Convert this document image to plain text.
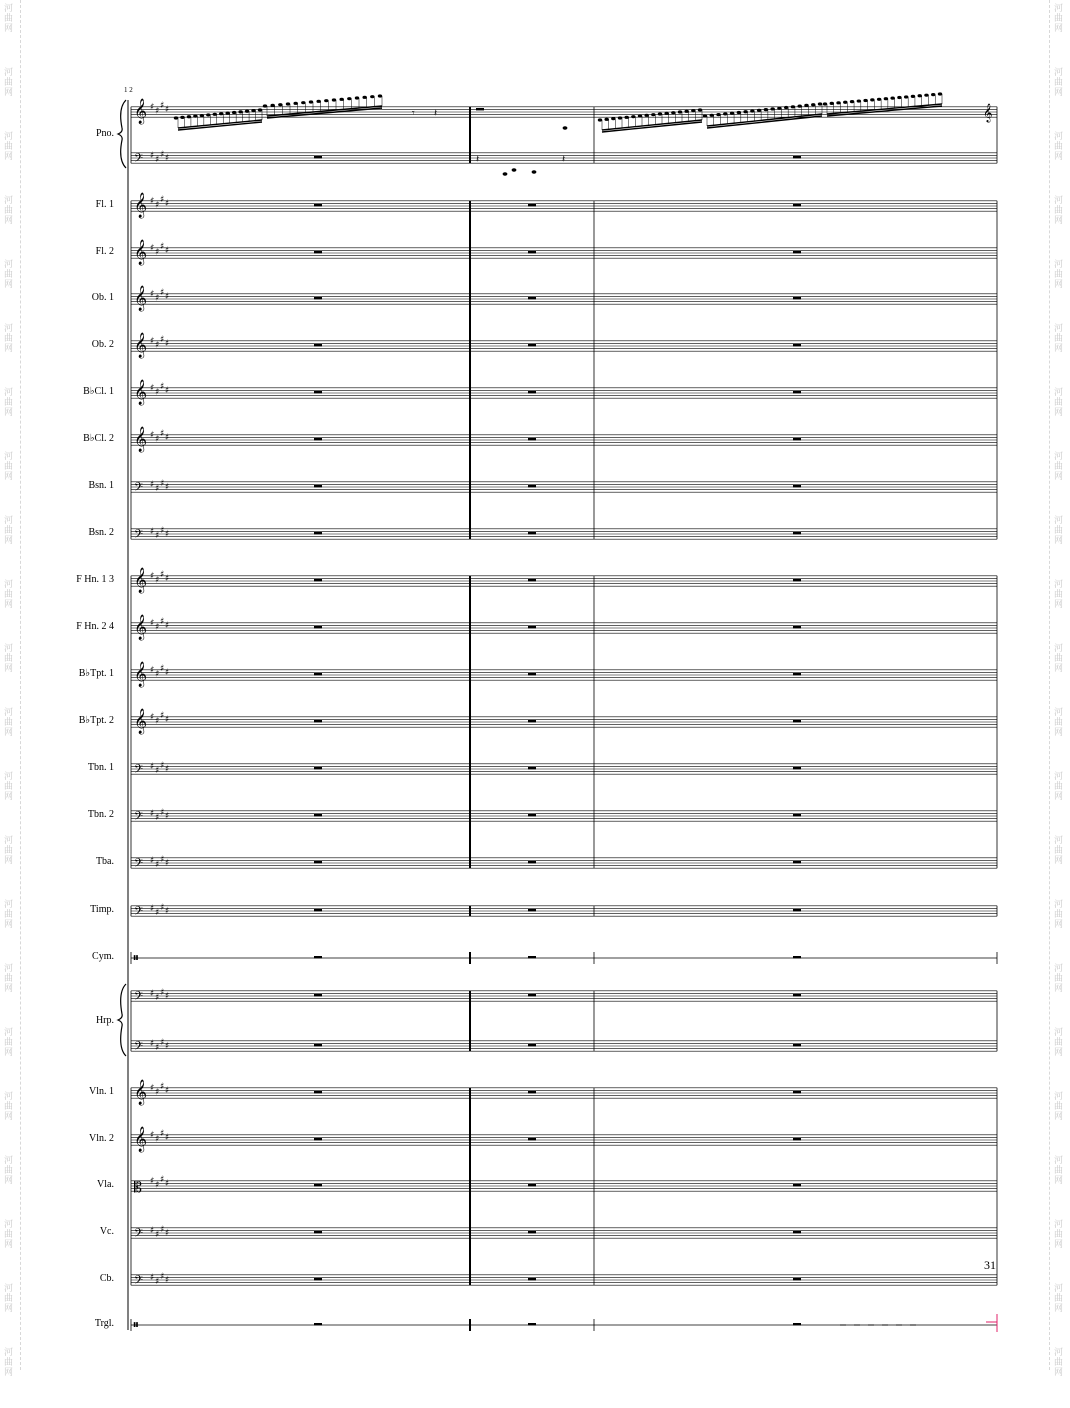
河
曲
网
河
曲
网
河
曲
网
河
曲
网
河
曲
网
河
曲
网
河
曲
网
河
曲
网
河
曲
网
河
曲
网
河
曲
网
河
曲
网
河
曲
网
河
曲
网
河
曲
网
河
曲
网
河
曲
网
河
曲
网
河
曲
网
河
曲
网
河
曲
网
河
曲
网
河
曲
网
河
曲
网
河
曲
网
河
曲
网
河
曲
网
河
曲
网
河
曲
网
河
曲
网
河
曲
网
河
曲
网
河
曲
网
河
曲
网
河
曲
网
河
曲
网
河
曲
网
河
曲
网
河
曲
网
河
曲
网
河
曲
网
河
曲
网
河
曲
网
河
曲
网
1 2
𝄞 ♯ ♯
♯ ♯
𝄢 ♯ ♯
♯ ♯
𝄞 ♯ ♯
♯ ♯
𝄞 ♯ ♯
♯ ♯
𝄞 ♯ ♯
♯ ♯
𝄞 ♯ ♯
♯ ♯
𝄞 ♯ ♯
♯ ♯
𝄞 ♯ ♯
♯ ♯
𝄢 ♯ ♯
♯ ♯
𝄢 ♯ ♯
♯ ♯
𝄞 ♯ ♯
♯ ♯
𝄞 ♯ ♯
♯ ♯
𝄞 ♯ ♯
♯ ♯
𝄞 ♯ ♯
♯ ♯
𝄢 ♯ ♯
♯ ♯
𝄢 ♯ ♯
♯ ♯
𝄢 ♯ ♯
♯ ♯
𝄢 ♯ ♯
♯ ♯
𝄥
𝄢 ♯ ♯
♯ ♯
𝄢 ♯ ♯
♯ ♯
𝄞 ♯ ♯
♯ ♯
𝄞 ♯ ♯
♯ ♯
𝄡 ♯ ♯
♯ ♯
𝄢 ♯ ♯
♯ ♯
𝄢 ♯ ♯
♯ ♯
𝄥
𝄾 𝄽
𝄽	𝄽
𝄞
Pno.
Fl. 1
Fl. 2
Ob. 1
Ob. 2
B♭Cl. 1
B♭Cl. 2
Bsn. 1
Bsn. 2
F Hn. 1 3
F Hn. 2 4
B♭Tpt. 1
B♭Tpt. 2
Tbn. 1
Tbn. 2
Tba.
Timp.
Cym.
Hrp.
Vln. 1
Vln. 2
Vla.
Vc.
Cb.
Trgl.
31
